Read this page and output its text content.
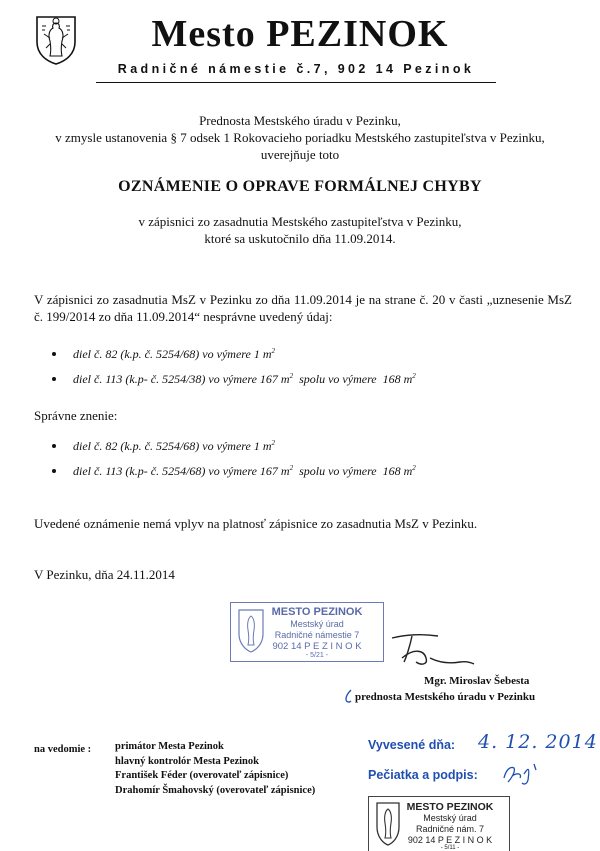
Mesto PEZINOK
Radničné námestie č.7, 902 14 Pezinok
Prednosta Mestského úradu v Pezinku,
v zmysle ustanovenia § 7 odsek 1 Rokovacieho poriadku Mestského zastupiteľstva v Pezinku,
uverejňuje toto
OZNÁMENIE O OPRAVE FORMÁLNEJ CHYBY
v zápisnici zo zasadnutia Mestského zastupiteľstva v Pezinku,
ktoré sa uskutočnilo dňa 11.09.2014.
V zápisnici zo zasadnutia MsZ v Pezinku zo dňa 11.09.2014 je na strane č. 20 v časti „uznesenie MsZ č. 199/2014 zo dňa 11.09.2014“ nesprávne uvedený údaj:
diel č. 82 (k.p. č. 5254/68) vo výmere 1 $m^2$
diel č. 113 (k.p- č. 5254/38) vo výmere 167 $m^2$  spolu vo výmere  168 $m^2$
Správne znenie:
diel č. 82 (k.p. č. 5254/68) vo výmere 1 $m^2$
diel č. 113 (k.p- č. 5254/68) vo výmere 167 $m^2$  spolu vo výmere  168 $m^2$
Uvedené oznámenie nemá vplyv na platnosť zápisnice zo zasadnutia MsZ v Pezinku.
V Pezinku, dňa 24.11.2014
MESTO PEZINOK
Mestský úrad
Radničné námestie 7
902 14 P E Z I N O K
- 5/21 -
Mgr. Miroslav Šebesta
prednosta Mestského úradu v Pezinku
na vedomie : primátor Mesta Pezinok
hlavný kontrolór Mesta Pezinok
František Féder (overovateľ zápisnice)
Drahomír Šmahovský (overovateľ zápisnice)
Vyvesené dňa: 4. 12. 2014
Pečiatka a podpis:
MESTO PEZINOK
Mestský úrad
Radničné nám. 7
902 14 P E Z I N O K
- 5/11 -
